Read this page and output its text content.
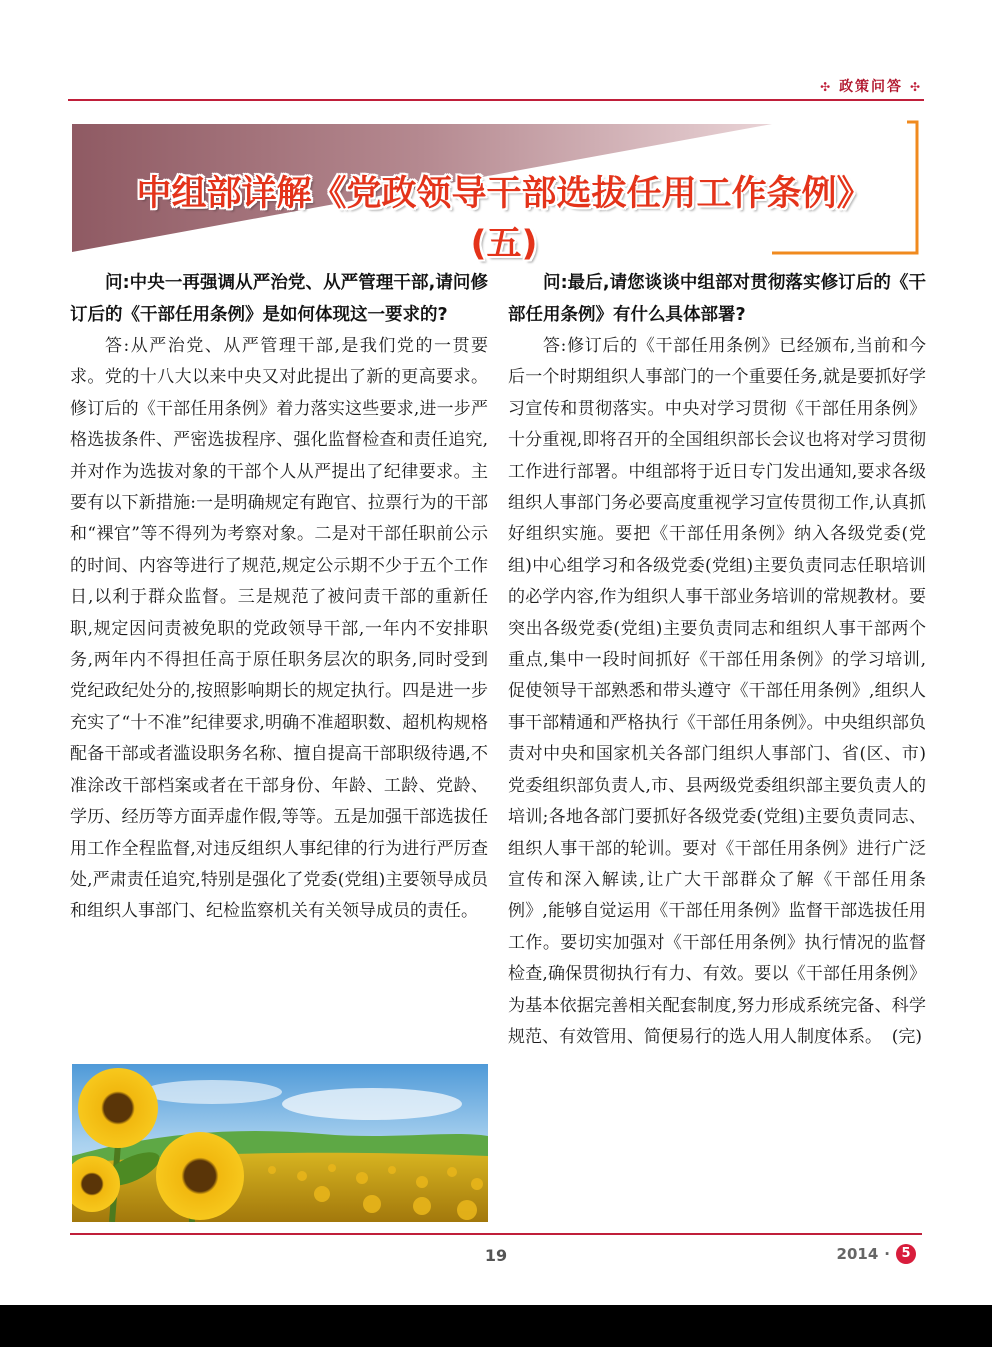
✣ 政策问答 ✣
中组部详解《党政领导干部选拔任用工作条例》(五)

问:中央一再强调从严治党、从严管理干部,请问修订后的《干部任用条例》是如何体现这一要求的?

答:从严治党、从严管理干部,是我们党的一贯要求。党的十八大以来中央又对此提出了新的更高要求。修订后的《干部任用条例》着力落实这些要求,进一步严格选拔条件、严密选拔程序、强化监督检查和责任追究,并对作为选拔对象的干部个人从严提出了纪律要求。主要有以下新措施:一是明确规定有跑官、拉票行为的干部和“裸官”等不得列为考察对象。二是对干部任职前公示的时间、内容等进行了规范,规定公示期不少于五个工作日,以利于群众监督。三是规范了被问责干部的重新任职,规定因问责被免职的党政领导干部,一年内不安排职务,两年内不得担任高于原任职务层次的职务,同时受到党纪政纪处分的,按照影响期长的规定执行。四是进一步充实了“十不准”纪律要求,明确不准超职数、超机构规格配备干部或者滥设职务名称、擅自提高干部职级待遇,不准涂改干部档案或者在干部身份、年龄、工龄、党龄、学历、经历等方面弄虚作假,等等。五是加强干部选拔任用工作全程监督,对违反组织人事纪律的行为进行严厉查处,严肃责任追究,特别是强化了党委(党组)主要领导成员和组织人事部门、纪检监察机关有关领导成员的责任。

问:最后,请您谈谈中组部对贯彻落实修订后的《干部任用条例》有什么具体部署?

答:修订后的《干部任用条例》已经颁布,当前和今后一个时期组织人事部门的一个重要任务,就是要抓好学习宣传和贯彻落实。中央对学习贯彻《干部任用条例》十分重视,即将召开的全国组织部长会议也将对学习贯彻工作进行部署。中组部将于近日专门发出通知,要求各级组织人事部门务必要高度重视学习宣传贯彻工作,认真抓好组织实施。要把《干部任用条例》纳入各级党委(党组)中心组学习和各级党委(党组)主要负责同志任职培训的必学内容,作为组织人事干部业务培训的常规教材。要突出各级党委(党组)主要负责同志和组织人事干部两个重点,集中一段时间抓好《干部任用条例》的学习培训,促使领导干部熟悉和带头遵守《干部任用条例》,组织人事干部精通和严格执行《干部任用条例》。中央组织部负责对中央和国家机关各部门组织人事部门、省(区、市)党委组织部负责人,市、县两级党委组织部主要负责人的培训;各地各部门要抓好各级党委(党组)主要负责同志、组织人事干部的轮训。要对《干部任用条例》进行广泛宣传和深入解读,让广大干部群众了解《干部任用条例》,能够自觉运用《干部任用条例》监督干部选拔任用工作。要切实加强对《干部任用条例》执行情况的监督检查,确保贯彻执行有力、有效。要以《干部任用条例》为基本依据完善相关配套制度,努力形成系统完备、科学规范、有效管用、简便易行的选人用人制度体系。 (完)

19	2014 · 5
